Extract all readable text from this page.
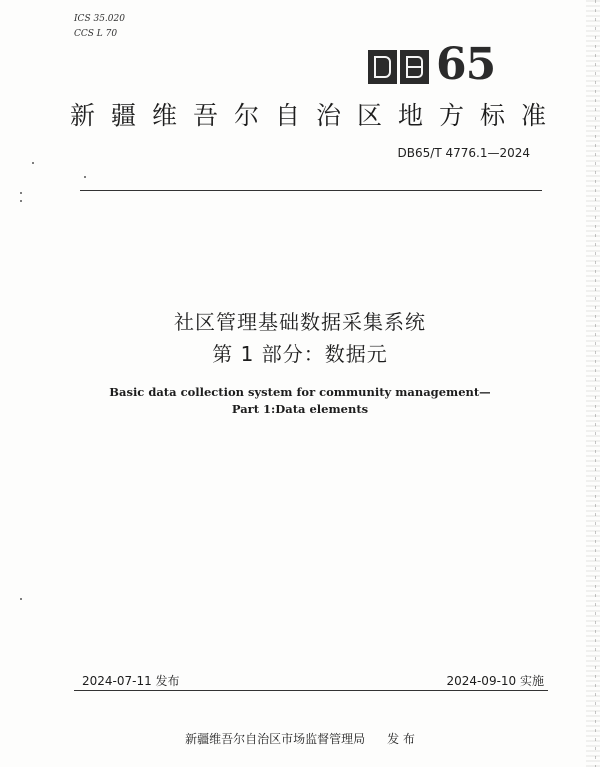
ICS 35.020
CCS L 70
65
新疆维吾尔自治区地方标准
DB65/T 4776.1—2024
社区管理基础数据采集系统
第 1 部分：数据元
Basic data collection system for community management—
Part 1:Data elements
2024-07-11 发布	2024-09-10 实施
新疆维吾尔自治区市场监督管理局 发 布
